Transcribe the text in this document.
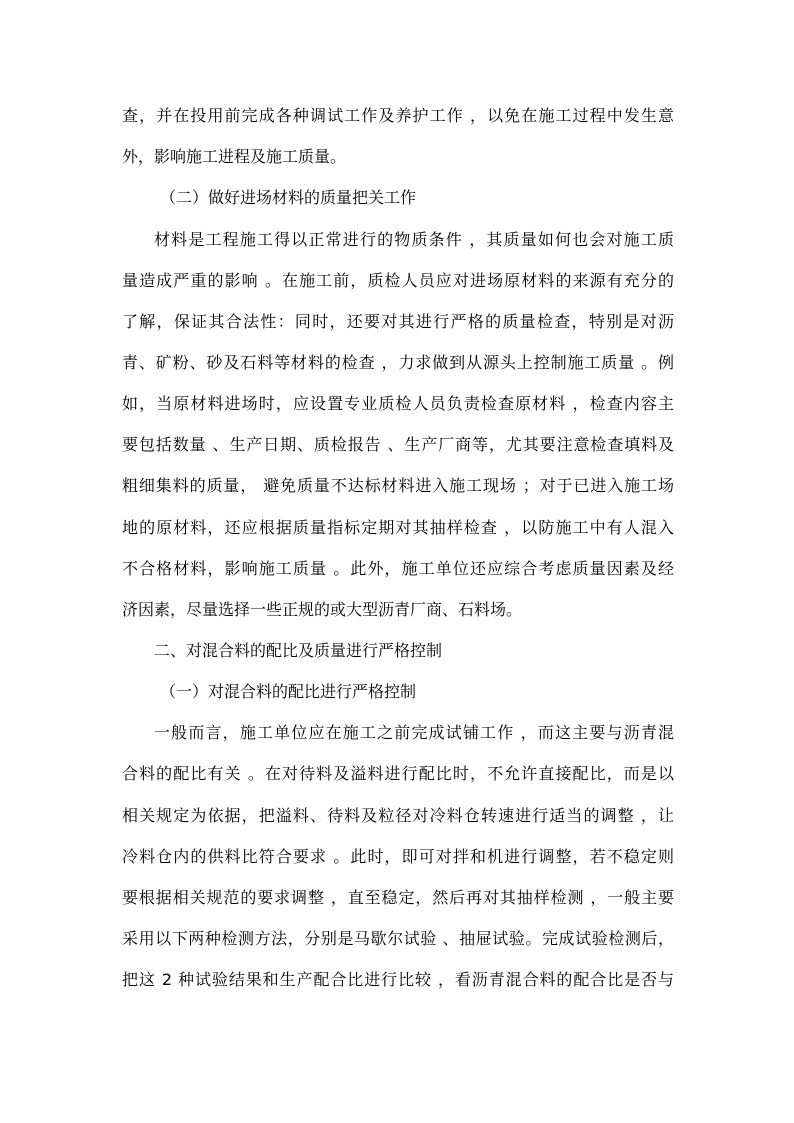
查，并在投用前完成各种调试工作及养护工作 ，以免在施工过程中发生意
外，影响施工进程及施工质量。
（二）做好进场材料的质量把关工作
材料是工程施工得以正常进行的物质条件 ，其质量如何也会对施工质
量造成严重的影响 。在施工前，质检人员应对进场原材料的来源有充分的
了解，保证其合法性：同时，还要对其进行严格的质量检查，特别是对沥
青、矿粉、砂及石料等材料的检查 ，力求做到从源头上控制施工质量 。例
如，当原材料进场时，应设置专业质检人员负责检查原材料 ，检查内容主
要包括数量 、生产日期、质检报告 、生产厂商等，尤其要注意检查填料及
粗细集料的质量， 避免质量不达标材料进入施工现场 ；对于已进入施工场
地的原材料，还应根据质量指标定期对其抽样检查 ，以防施工中有人混入
不合格材料，影响施工质量 。此外，施工单位还应综合考虑质量因素及经
济因素，尽量选择一些正规的或大型沥青厂商、石料场。
二、对混合料的配比及质量进行严格控制
（一）对混合料的配比进行严格控制
一般而言，施工单位应在施工之前完成试铺工作 ，而这主要与沥青混
合料的配比有关 。在对待料及溢料进行配比时，不允许直接配比，而是以
相关规定为依据，把溢料、待料及粒径对冷料仓转速进行适当的调整 ，让
冷料仓内的供料比符合要求 。此时，即可对拌和机进行调整，若不稳定则
要根据相关规范的要求调整 ，直至稳定，然后再对其抽样检测 ，一般主要
采用以下两种检测方法，分别是马歇尔试验 、抽屉试验。完成试验检测后，
把这 2 种试验结果和生产配合比进行比较 ，看沥青混合料的配合比是否与
